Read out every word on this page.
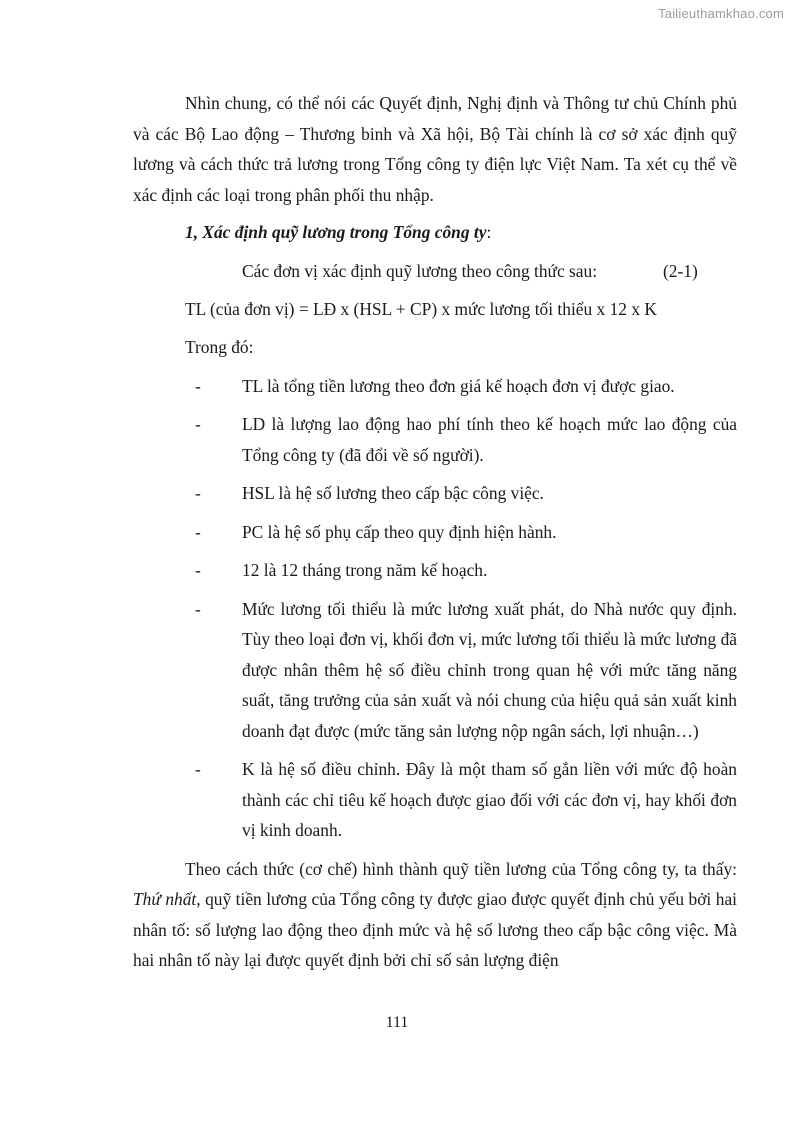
Tailieuthamkhao.com

Nhìn chung, có thể nói các Quyết định, Nghị định và Thông tư chủ Chính phủ và các Bộ Lao động – Thương binh và Xã hội, Bộ Tài chính là cơ sở xác định quỹ lương và cách thức trả lương trong Tổng công ty điện lực Việt Nam. Ta xét cụ thể về xác định các loại trong phân phối thu nhập.

1, Xác định quỹ lương trong Tổng công ty:

Các đơn vị xác định quỹ lương theo công thức sau:	(2-1)

TL (của đơn vị) = LĐ x (HSL + CP) x mức lương tối thiểu x 12 x K

Trong đó:

- TL là tổng tiền lương theo đơn giá kế hoạch đơn vị được giao.
- LD là lượng lao động hao phí tính theo kế hoạch mức lao động của Tổng công ty (đã đổi về số người).
- HSL là hệ số lương theo cấp bậc công việc.
- PC là hệ số phụ cấp theo quy định hiện hành.
- 12 là 12 tháng trong năm kế hoạch.
- Mức lương tối thiểu là mức lương xuất phát, do Nhà nước quy định. Tùy theo loại đơn vị, khối đơn vị, mức lương tối thiểu là mức lương đã được nhân thêm hệ số điều chỉnh trong quan hệ với mức tăng năng suất, tăng trưởng của sản xuất và nói chung của hiệu quả sản xuất kinh doanh đạt được (mức tăng sản lượng nộp ngân sách, lợi nhuận…)
- K là hệ số điều chỉnh. Đây là một tham số gắn liền với mức độ hoàn thành các chỉ tiêu kế hoạch được giao đối với các đơn vị, hay khối đơn vị kinh doanh.

Theo cách thức (cơ chế) hình thành quỹ tiền lương của Tổng công ty, ta thấy: Thứ nhất, quỹ tiền lương của Tổng công ty được giao được quyết định chủ yếu bởi hai nhân tố: số lượng lao động theo định mức và hệ số lương theo cấp bậc công việc. Mà hai nhân tố này lại được quyết định bởi chỉ số sản lượng điện

111
